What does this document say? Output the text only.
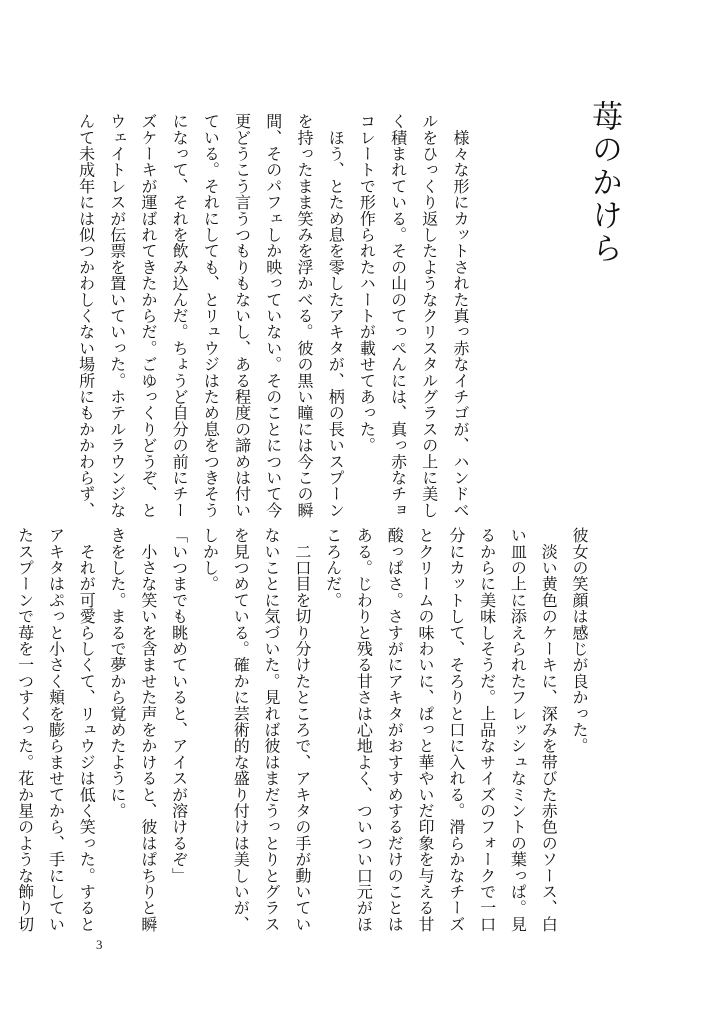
苺のかけら
　様々な形にカットされた真っ赤なイチゴが、ハンドベ
ルをひっくり返したようなクリスタルグラスの上に美し
く積まれている。その山のてっぺんには、真っ赤なチョ
コレートで形作られたハートが載せてあった。
　ほう、とため息を零したアキタが、柄の長いスプーン
を持ったまま笑みを浮かべる。彼の黒い瞳には今この瞬
間、そのパフェしか映っていない。そのことについて今
更どうこう言うつもりもないし、ある程度の諦めは付い
ている。それにしても、とリュウジはため息をつきそう
になって、それを飲み込んだ。ちょうど自分の前にチー
ズケーキが運ばれてきたからだ。ごゆっくりどうぞ、と
ウェイトレスが伝票を置いていった。ホテルラウンジな
んて未成年には似つかわしくない場所にもかかわらず、
彼女の笑顔は感じが良かった。
　淡い黄色のケーキに、深みを帯びた赤色のソース、白
い皿の上に添えられたフレッシュなミントの葉っぱ。見
るからに美味しそうだ。上品なサイズのフォークで一口
分にカットして、そろりと口に入れる。滑らかなチーズ
とクリームの味わいに、ぱっと華やいだ印象を与える甘
酸っぱさ。さすがにアキタがおすすめするだけのことは
ある。じわりと残る甘さは心地よく、ついつい口元がほ
ころんだ。
　二口目を切り分けたところで、アキタの手が動いてい
ないことに気づいた。見れば彼はまだうっとりとグラス
を見つめている。確かに芸術的な盛り付けは美しいが、
しかし。
「いつまでも眺めていると、アイスが溶けるぞ」
　小さな笑いを含ませた声をかけると、彼はぱちりと瞬
きをした。まるで夢から覚めたように。
　それが可愛らしくて、リュウジは低く笑った。すると
アキタはぷっと小さく頬を膨らませてから、手にしてい
たスプーンで苺を一つすくった。花か星のような飾り切
3
